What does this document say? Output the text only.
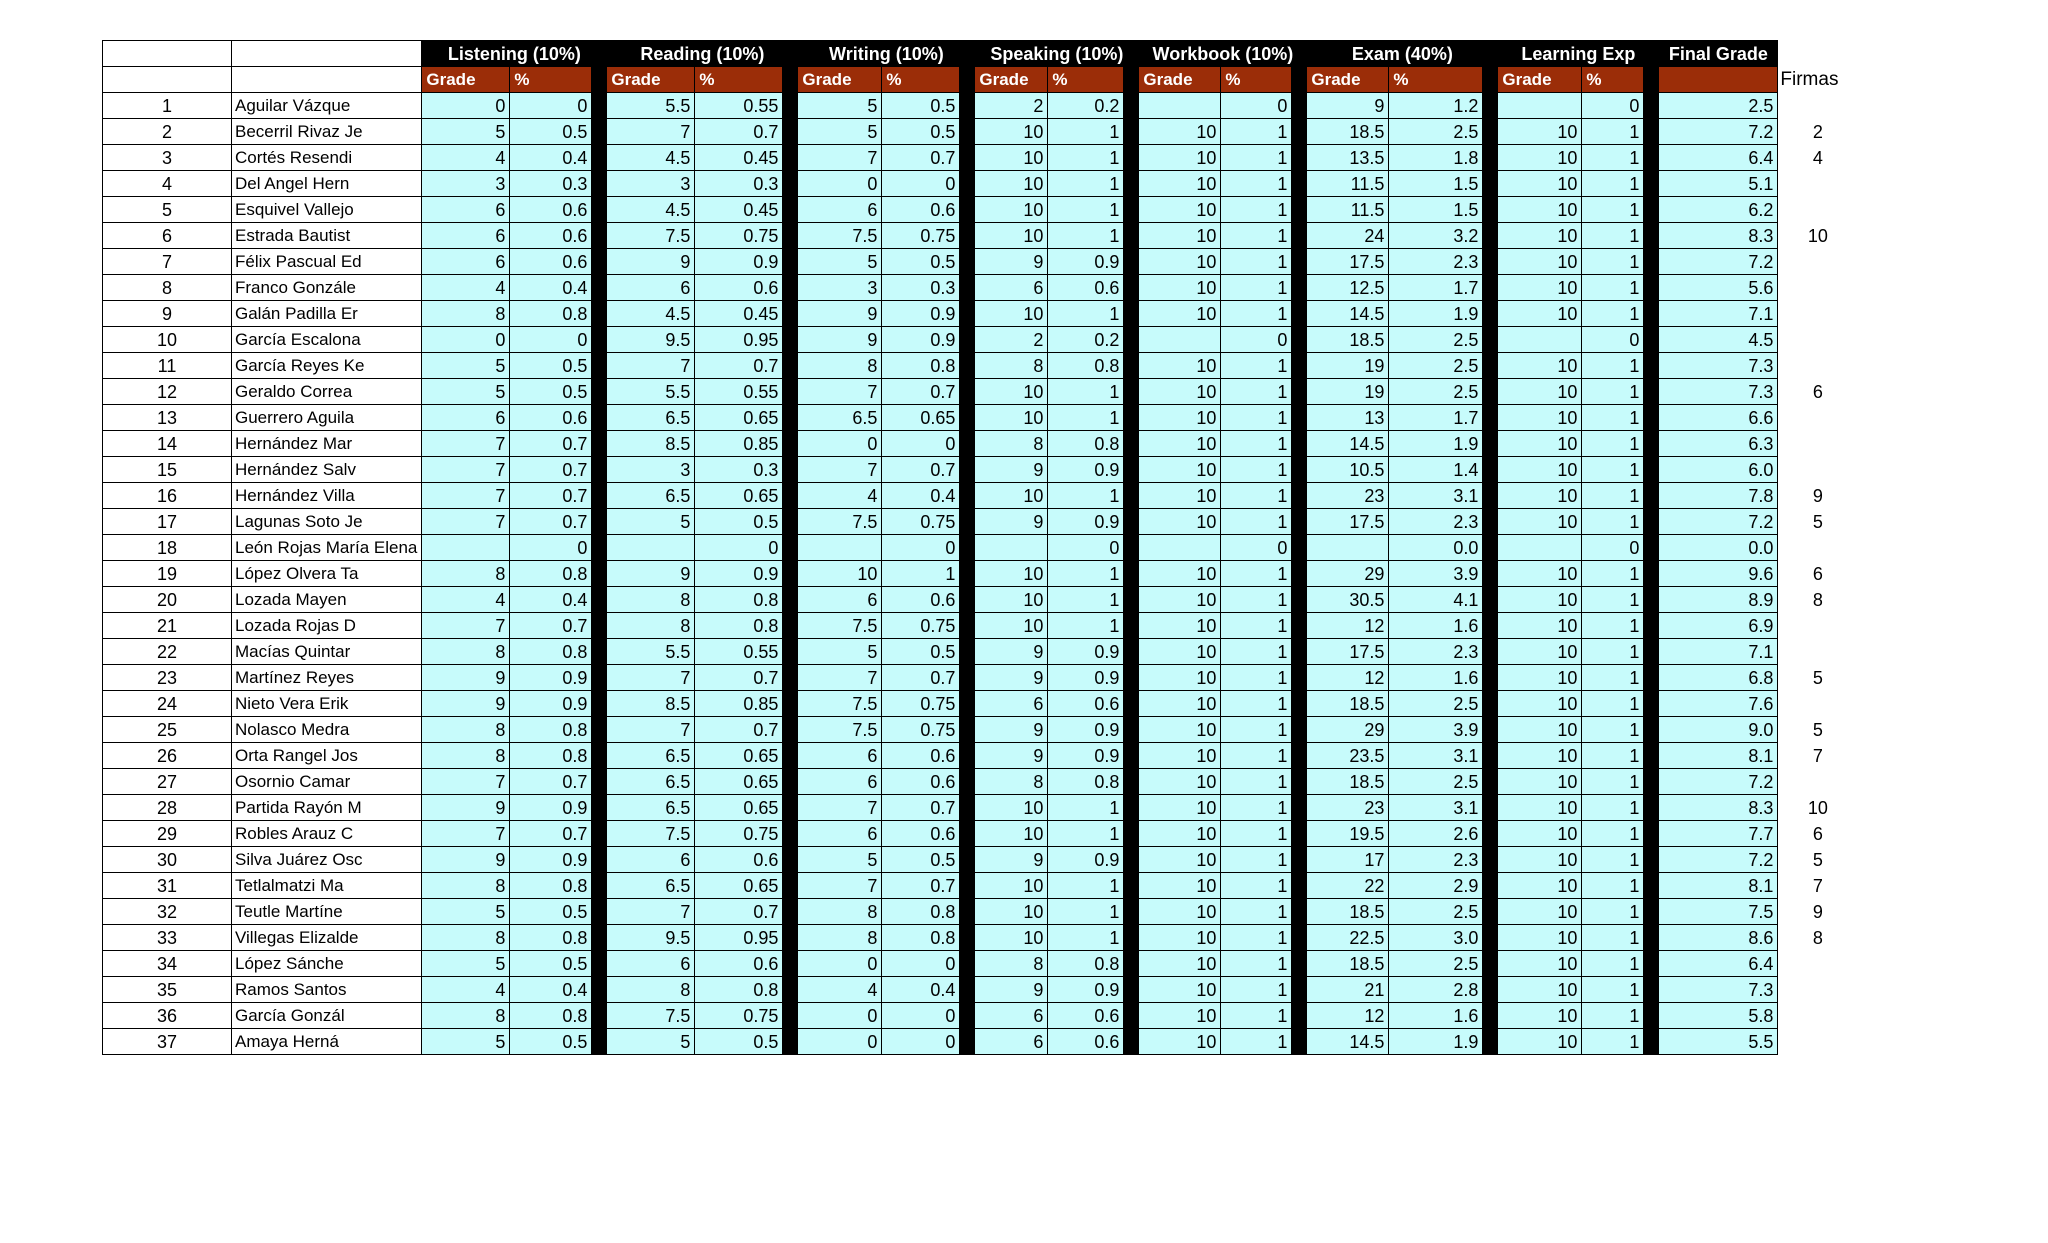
		Listening (10%)			Reading (10%)			Writing (10%)			Speaking (10%)			Workbook (10%)			Exam (40%)			Learning Exp			Final Grade	
		Grade	%		Grade	%		Grade	%		Grade	%		Grade	%		Grade	%		Grade	%			Firmas
1	Aguilar Vázque	0	0		5.5	0.55		5	0.5		2	0.2			0		9	1.2			0		2.5	
2	Becerril Rivaz Je	5	0.5		7	0.7		5	0.5		10	1		10	1		18.5	2.5		10	1		7.2	2
3	Cortés Resendi	4	0.4		4.5	0.45		7	0.7		10	1		10	1		13.5	1.8		10	1		6.4	4
4	Del Angel Hern	3	0.3		3	0.3		0	0		10	1		10	1		11.5	1.5		10	1		5.1	
5	Esquivel Vallejo	6	0.6		4.5	0.45		6	0.6		10	1		10	1		11.5	1.5		10	1		6.2	
6	Estrada Bautist	6	0.6		7.5	0.75		7.5	0.75		10	1		10	1		24	3.2		10	1		8.3	10
7	Félix Pascual Ed	6	0.6		9	0.9		5	0.5		9	0.9		10	1		17.5	2.3		10	1		7.2	
8	Franco Gonzále	4	0.4		6	0.6		3	0.3		6	0.6		10	1		12.5	1.7		10	1		5.6	
9	Galán Padilla Er	8	0.8		4.5	0.45		9	0.9		10	1		10	1		14.5	1.9		10	1		7.1	
10	García Escalona	0	0		9.5	0.95		9	0.9		2	0.2			0		18.5	2.5			0		4.5	
11	García Reyes Ke	5	0.5		7	0.7		8	0.8		8	0.8		10	1		19	2.5		10	1		7.3	
12	Geraldo Correa	5	0.5		5.5	0.55		7	0.7		10	1		10	1		19	2.5		10	1		7.3	6
13	Guerrero Aguila	6	0.6		6.5	0.65		6.5	0.65		10	1		10	1		13	1.7		10	1		6.6	
14	Hernández Mar	7	0.7		8.5	0.85		0	0		8	0.8		10	1		14.5	1.9		10	1		6.3	
15	Hernández Salv	7	0.7		3	0.3		7	0.7		9	0.9		10	1		10.5	1.4		10	1		6.0	
16	Hernández Villa	7	0.7		6.5	0.65		4	0.4		10	1		10	1		23	3.1		10	1		7.8	9
17	Lagunas Soto Je	7	0.7		5	0.5		7.5	0.75		9	0.9		10	1		17.5	2.3		10	1		7.2	5
18	León Rojas María Elena		0			0			0			0			0			0.0			0		0.0	
19	López Olvera Ta	8	0.8		9	0.9		10	1		10	1		10	1		29	3.9		10	1		9.6	6
20	Lozada Mayen	4	0.4		8	0.8		6	0.6		10	1		10	1		30.5	4.1		10	1		8.9	8
21	Lozada Rojas D	7	0.7		8	0.8		7.5	0.75		10	1		10	1		12	1.6		10	1		6.9	
22	Macías Quintar	8	0.8		5.5	0.55		5	0.5		9	0.9		10	1		17.5	2.3		10	1		7.1	
23	Martínez Reyes	9	0.9		7	0.7		7	0.7		9	0.9		10	1		12	1.6		10	1		6.8	5
24	Nieto Vera Erik	9	0.9		8.5	0.85		7.5	0.75		6	0.6		10	1		18.5	2.5		10	1		7.6	
25	Nolasco Medra	8	0.8		7	0.7		7.5	0.75		9	0.9		10	1		29	3.9		10	1		9.0	5
26	Orta Rangel Jos	8	0.8		6.5	0.65		6	0.6		9	0.9		10	1		23.5	3.1		10	1		8.1	7
27	Osornio Camar	7	0.7		6.5	0.65		6	0.6		8	0.8		10	1		18.5	2.5		10	1		7.2	
28	Partida Rayón M	9	0.9		6.5	0.65		7	0.7		10	1		10	1		23	3.1		10	1		8.3	10
29	Robles Arauz C	7	0.7		7.5	0.75		6	0.6		10	1		10	1		19.5	2.6		10	1		7.7	6
30	Silva Juárez Osc	9	0.9		6	0.6		5	0.5		9	0.9		10	1		17	2.3		10	1		7.2	5
31	Tetlalmatzi Ma	8	0.8		6.5	0.65		7	0.7		10	1		10	1		22	2.9		10	1		8.1	7
32	Teutle Martíne	5	0.5		7	0.7		8	0.8		10	1		10	1		18.5	2.5		10	1		7.5	9
33	Villegas Elizalde	8	0.8		9.5	0.95		8	0.8		10	1		10	1		22.5	3.0		10	1		8.6	8
34	López Sánche	5	0.5		6	0.6		0	0		8	0.8		10	1		18.5	2.5		10	1		6.4	
35	Ramos Santos	4	0.4		8	0.8		4	0.4		9	0.9		10	1		21	2.8		10	1		7.3	
36	García Gonzál	8	0.8		7.5	0.75		0	0		6	0.6		10	1		12	1.6		10	1		5.8	
37	Amaya Herná	5	0.5		5	0.5		0	0		6	0.6		10	1		14.5	1.9		10	1		5.5	
